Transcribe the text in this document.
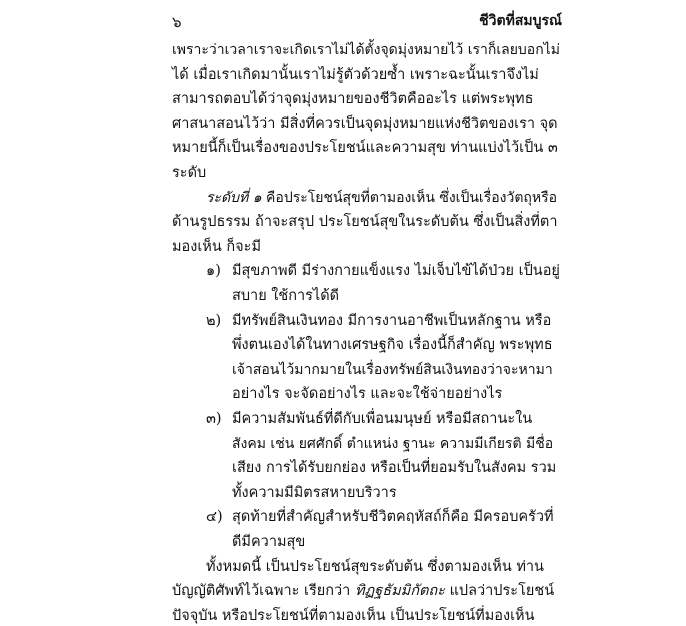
๖	ชีวิตที่สมบูรณ์
เพราะว่าเวลาเราจะเกิดเราไม่ได้ตั้งจุดมุ่งหมายไว้ เราก็เลยบอกไม่
ได้ เมื่อเราเกิดมานั้นเราไม่รู้ตัวด้วยซ้ำ เพราะฉะนั้นเราจึงไม่
สามารถตอบได้ว่าจุดมุ่งหมายของชีวิตคืออะไร แต่พระพุทธ
ศาสนาสอนไว้ว่า มีสิ่งที่ควรเป็นจุดมุ่งหมายแห่งชีวิตของเรา จุด
หมายนี้ก็เป็นเรื่องของประโยชน์และความสุข ท่านแบ่งไว้เป็น ๓
ระดับ
ระดับที่ ๑ คือประโยชน์สุขที่ตามองเห็น ซึ่งเป็นเรื่องวัตถุหรือ
ด้านรูปธรรม ถ้าจะสรุป ประโยชน์สุขในระดับต้น ซึ่งเป็นสิ่งที่ตา
มองเห็น ก็จะมี
๑) มีสุขภาพดี มีร่างกายแข็งแรง ไม่เจ็บไข้ได้ป่วย เป็นอยู่
สบาย ใช้การได้ดี
๒) มีทรัพย์สินเงินทอง มีการงานอาชีพเป็นหลักฐาน หรือ
พึ่งตนเองได้ในทางเศรษฐกิจ เรื่องนี้ก็สำคัญ พระพุทธ
เจ้าสอนไว้มากมายในเรื่องทรัพย์สินเงินทองว่าจะหามา
อย่างไร จะจัดอย่างไร และจะใช้จ่ายอย่างไร
๓) มีความสัมพันธ์ที่ดีกับเพื่อนมนุษย์ หรือมีสถานะใน
สังคม เช่น ยศศักดิ์ ตำแหน่ง ฐานะ ความมีเกียรติ มีชื่อ
เสียง การได้รับยกย่อง หรือเป็นที่ยอมรับในสังคม รวม
ทั้งความมีมิตรสหายบริวาร
๔) สุดท้ายที่สำคัญสำหรับชีวิตคฤหัสถ์ก็คือ มีครอบครัวที่
ดีมีความสุข
ทั้งหมดนี้ เป็นประโยชน์สุขระดับต้น ซึ่งตามองเห็น ท่าน
บัญญัติศัพท์ไว้เฉพาะ เรียกว่า ทิฏฐธัมมิกัตถะ แปลว่าประโยชน์
ปัจจุบัน หรือประโยชน์ที่ตามองเห็น เป็นประโยชน์ที่มองเห็น
